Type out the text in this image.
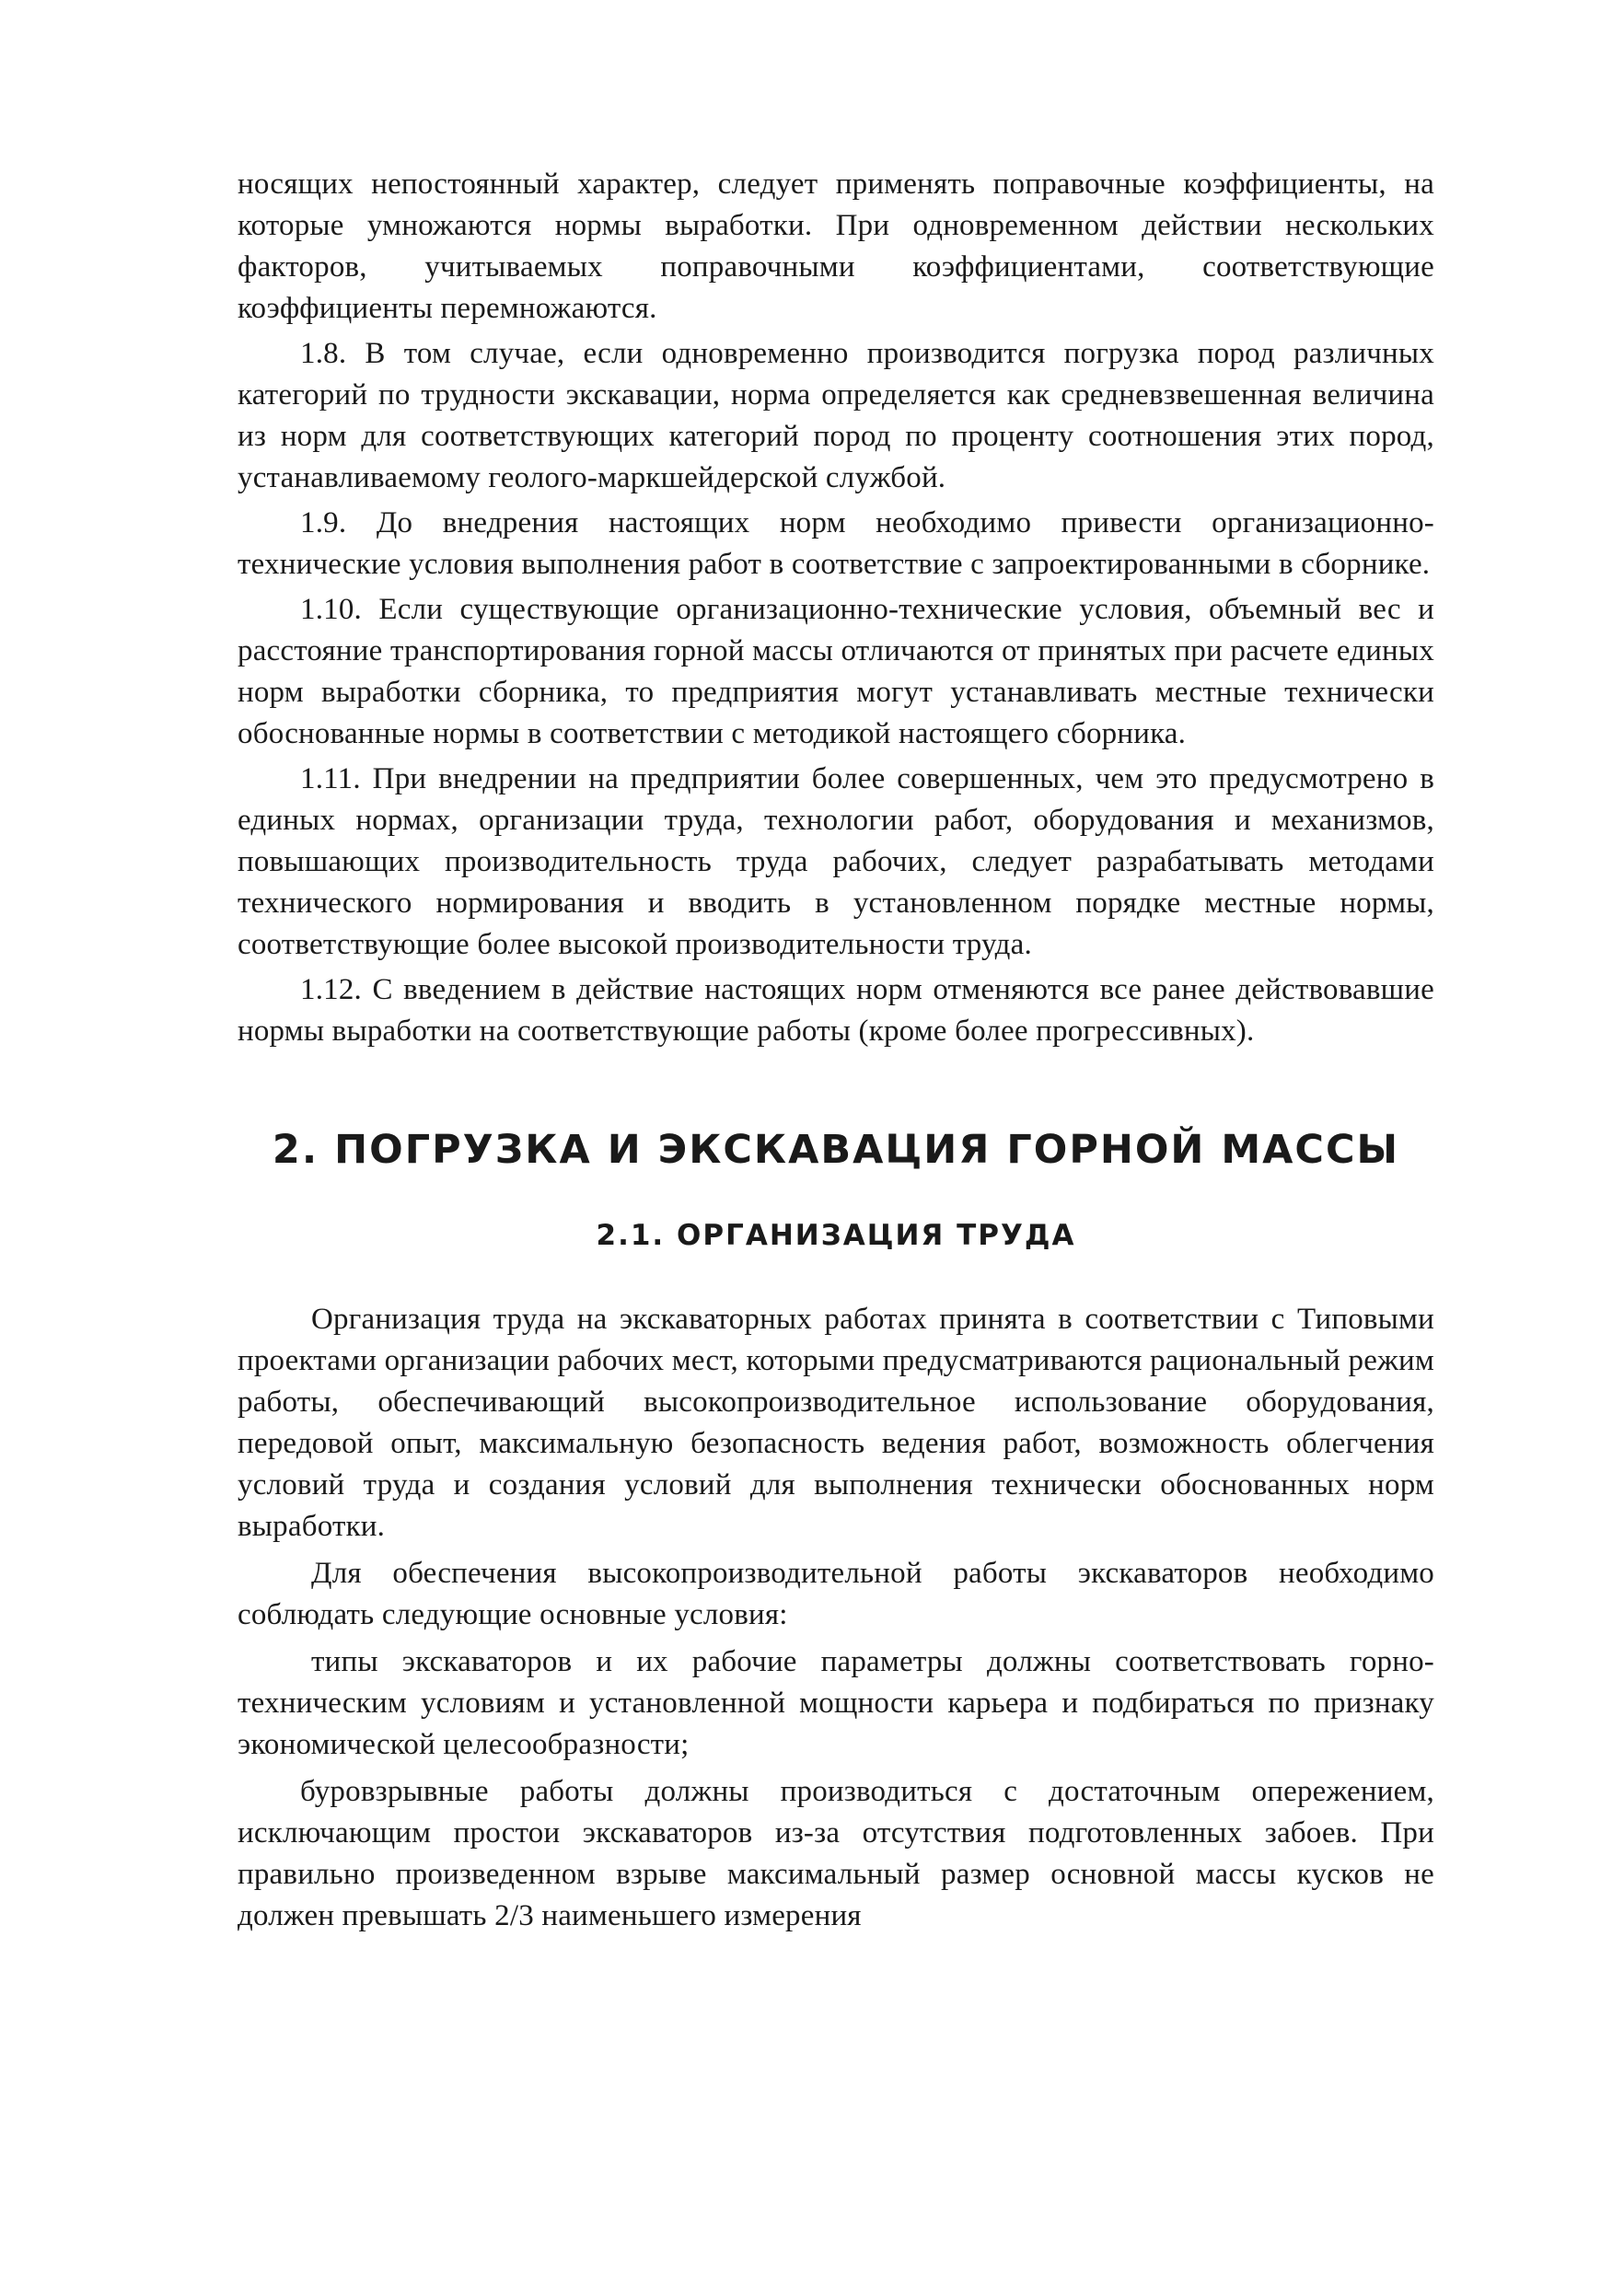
носящих непостоянный характер, следует применять поправочные коэффициенты, на которые умножаются нормы выработки. При одновременном действии нескольких факторов, учитываемых поправочными коэффициентами, соответствующие коэффициенты перемножаются.

1.8. В том случае, если одновременно производится погрузка пород различных категорий по трудности экскавации, норма определяется как средневзвешенная величина из норм для соответствующих категорий пород по проценту соотношения этих пород, устанавливаемому геолого-маркшейдерской службой.

1.9. До внедрения настоящих норм необходимо привести организационно-технические условия выполнения работ в соответствие с запроектированными в сборнике.

1.10. Если существующие организационно-технические условия, объемный вес и расстояние транспортирования горной массы отличаются от принятых при расчете единых норм выработки сборника, то предприятия могут устанавливать местные технически обоснованные нормы в соответствии с методикой настоящего сборника.

1.11. При внедрении на предприятии более совершенных, чем это предусмотрено в единых нормах, организации труда, технологии работ, оборудования и механизмов, повышающих производительность труда рабочих, следует разрабатывать методами технического нормирования и вводить в установленном порядке местные нормы, соответствующие более высокой производительности труда.

1.12. С введением в действие настоящих норм отменяются все ранее действовавшие нормы выработки на соответствующие работы (кроме более прогрессивных).

2. ПОГРУЗКА И ЭКСКАВАЦИЯ ГОРНОЙ МАССЫ
2.1. ОРГАНИЗАЦИЯ ТРУДА

Организация труда на экскаваторных работах принята в соответствии с Типовыми проектами организации рабочих мест, которыми предусматриваются рациональный режим работы, обеспечивающий высокопроизводительное использование оборудования, передовой опыт, максимальную безопасность ведения работ, возможность облегчения условий труда и создания условий для выполнения технически обоснованных норм выработки.

Для обеспечения высокопроизводительной работы экскаваторов необходимо соблюдать следующие основные условия:

типы экскаваторов и их рабочие параметры должны соответствовать горно-техническим условиям и установленной мощности карьера и подбираться по признаку экономической целесообразности;

буровзрывные работы должны производиться с достаточным опережением, исключающим простои экскаваторов из-за отсутствия подготовленных забоев. При правильно произведенном взрыве максимальный размер основной массы кусков не должен превышать 2/3 наименьшего измерения
